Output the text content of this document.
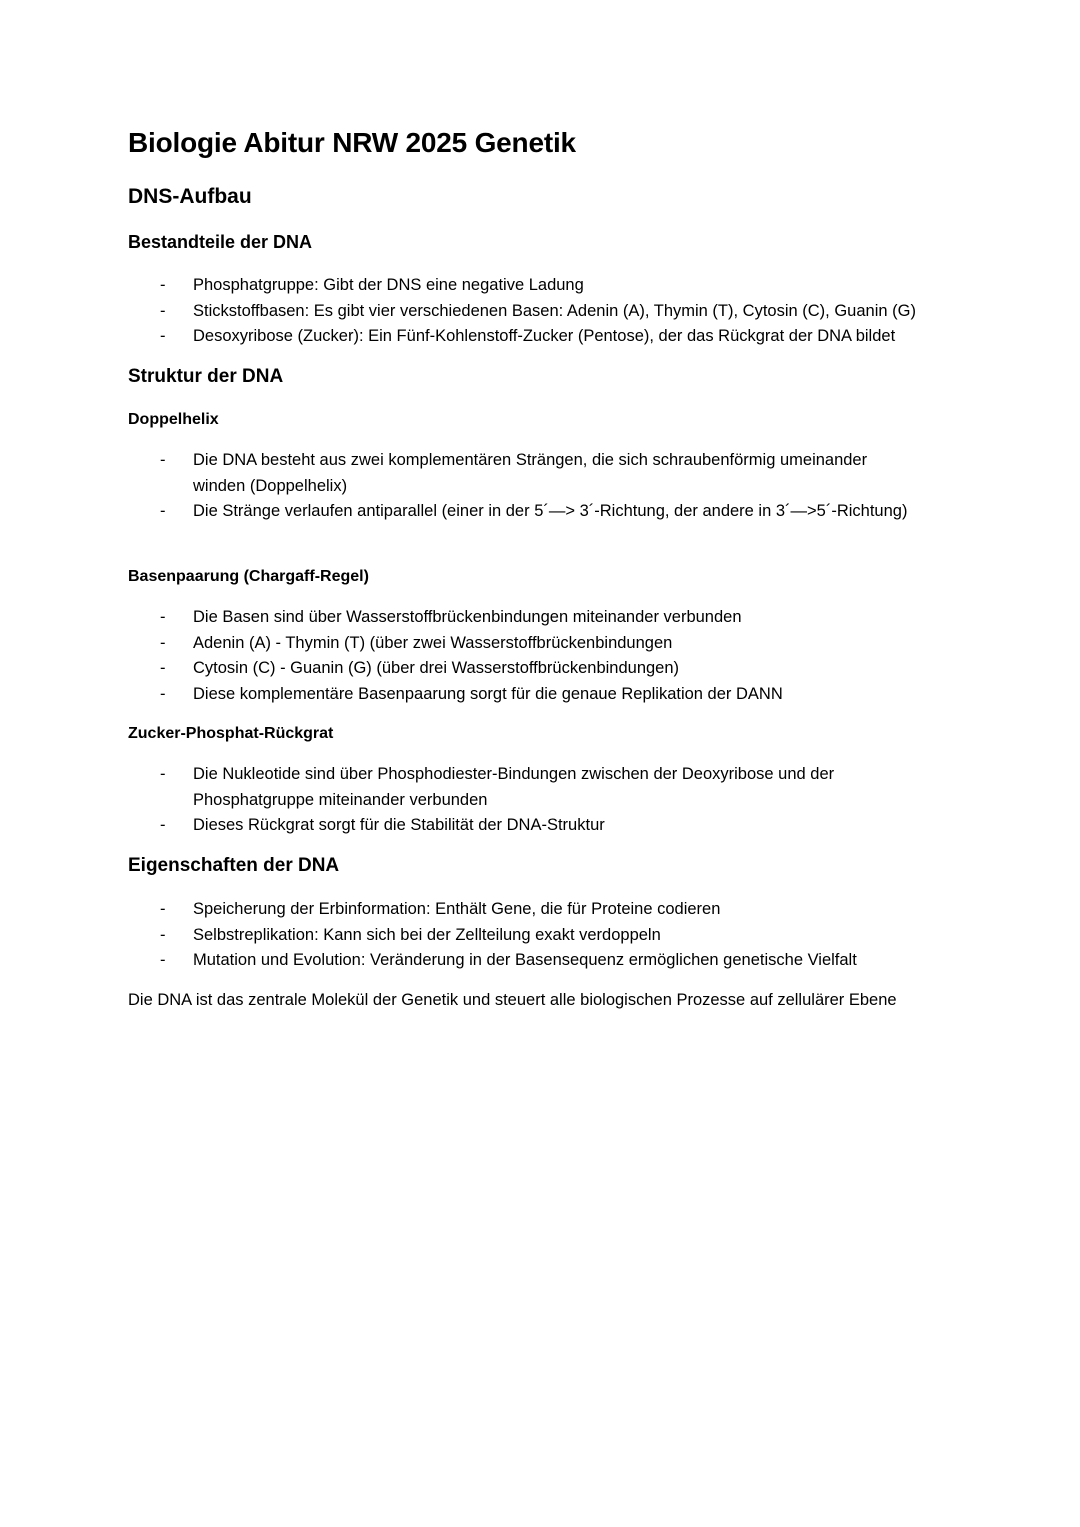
Biologie Abitur NRW 2025 Genetik
DNS-Aufbau
Bestandteile der DNA
- Phosphatgruppe: Gibt der DNS eine negative Ladung
- Stickstoffbasen: Es gibt vier verschiedenen Basen: Adenin (A), Thymin (T), Cytosin (C), Guanin (G)
- Desoxyribose (Zucker): Ein Fünf-Kohlenstoff-Zucker (Pentose), der das Rückgrat der DNA bildet
Struktur der DNA
Doppelhelix
- Die DNA besteht aus zwei komplementären Strängen, die sich schraubenförmig umeinander winden (Doppelhelix)
- Die Stränge verlaufen antiparallel (einer in der 5´—> 3´-Richtung, der andere in 3´—>5´-Richtung)
Basenpaarung (Chargaff-Regel)
- Die Basen sind über Wasserstoffbrückenbindungen miteinander verbunden
- Adenin (A) - Thymin (T) (über zwei Wasserstoffbrückenbindungen
- Cytosin (C) - Guanin (G) (über drei Wasserstoffbrückenbindungen)
- Diese komplementäre Basenpaarung sorgt für die genaue Replikation der DANN
Zucker-Phosphat-Rückgrat
- Die Nukleotide sind über Phosphodiester-Bindungen zwischen der Deoxyribose und der Phosphatgruppe miteinander verbunden
- Dieses Rückgrat sorgt für die Stabilität der DNA-Struktur
Eigenschaften der DNA
- Speicherung der Erbinformation: Enthält Gene, die für Proteine codieren
- Selbstreplikation: Kann sich bei der Zellteilung exakt verdoppeln
- Mutation und Evolution: Veränderung in der Basensequenz ermöglichen genetische Vielfalt

Die DNA ist das zentrale Molekül der Genetik und steuert alle biologischen Prozesse auf zellulärer Ebene
